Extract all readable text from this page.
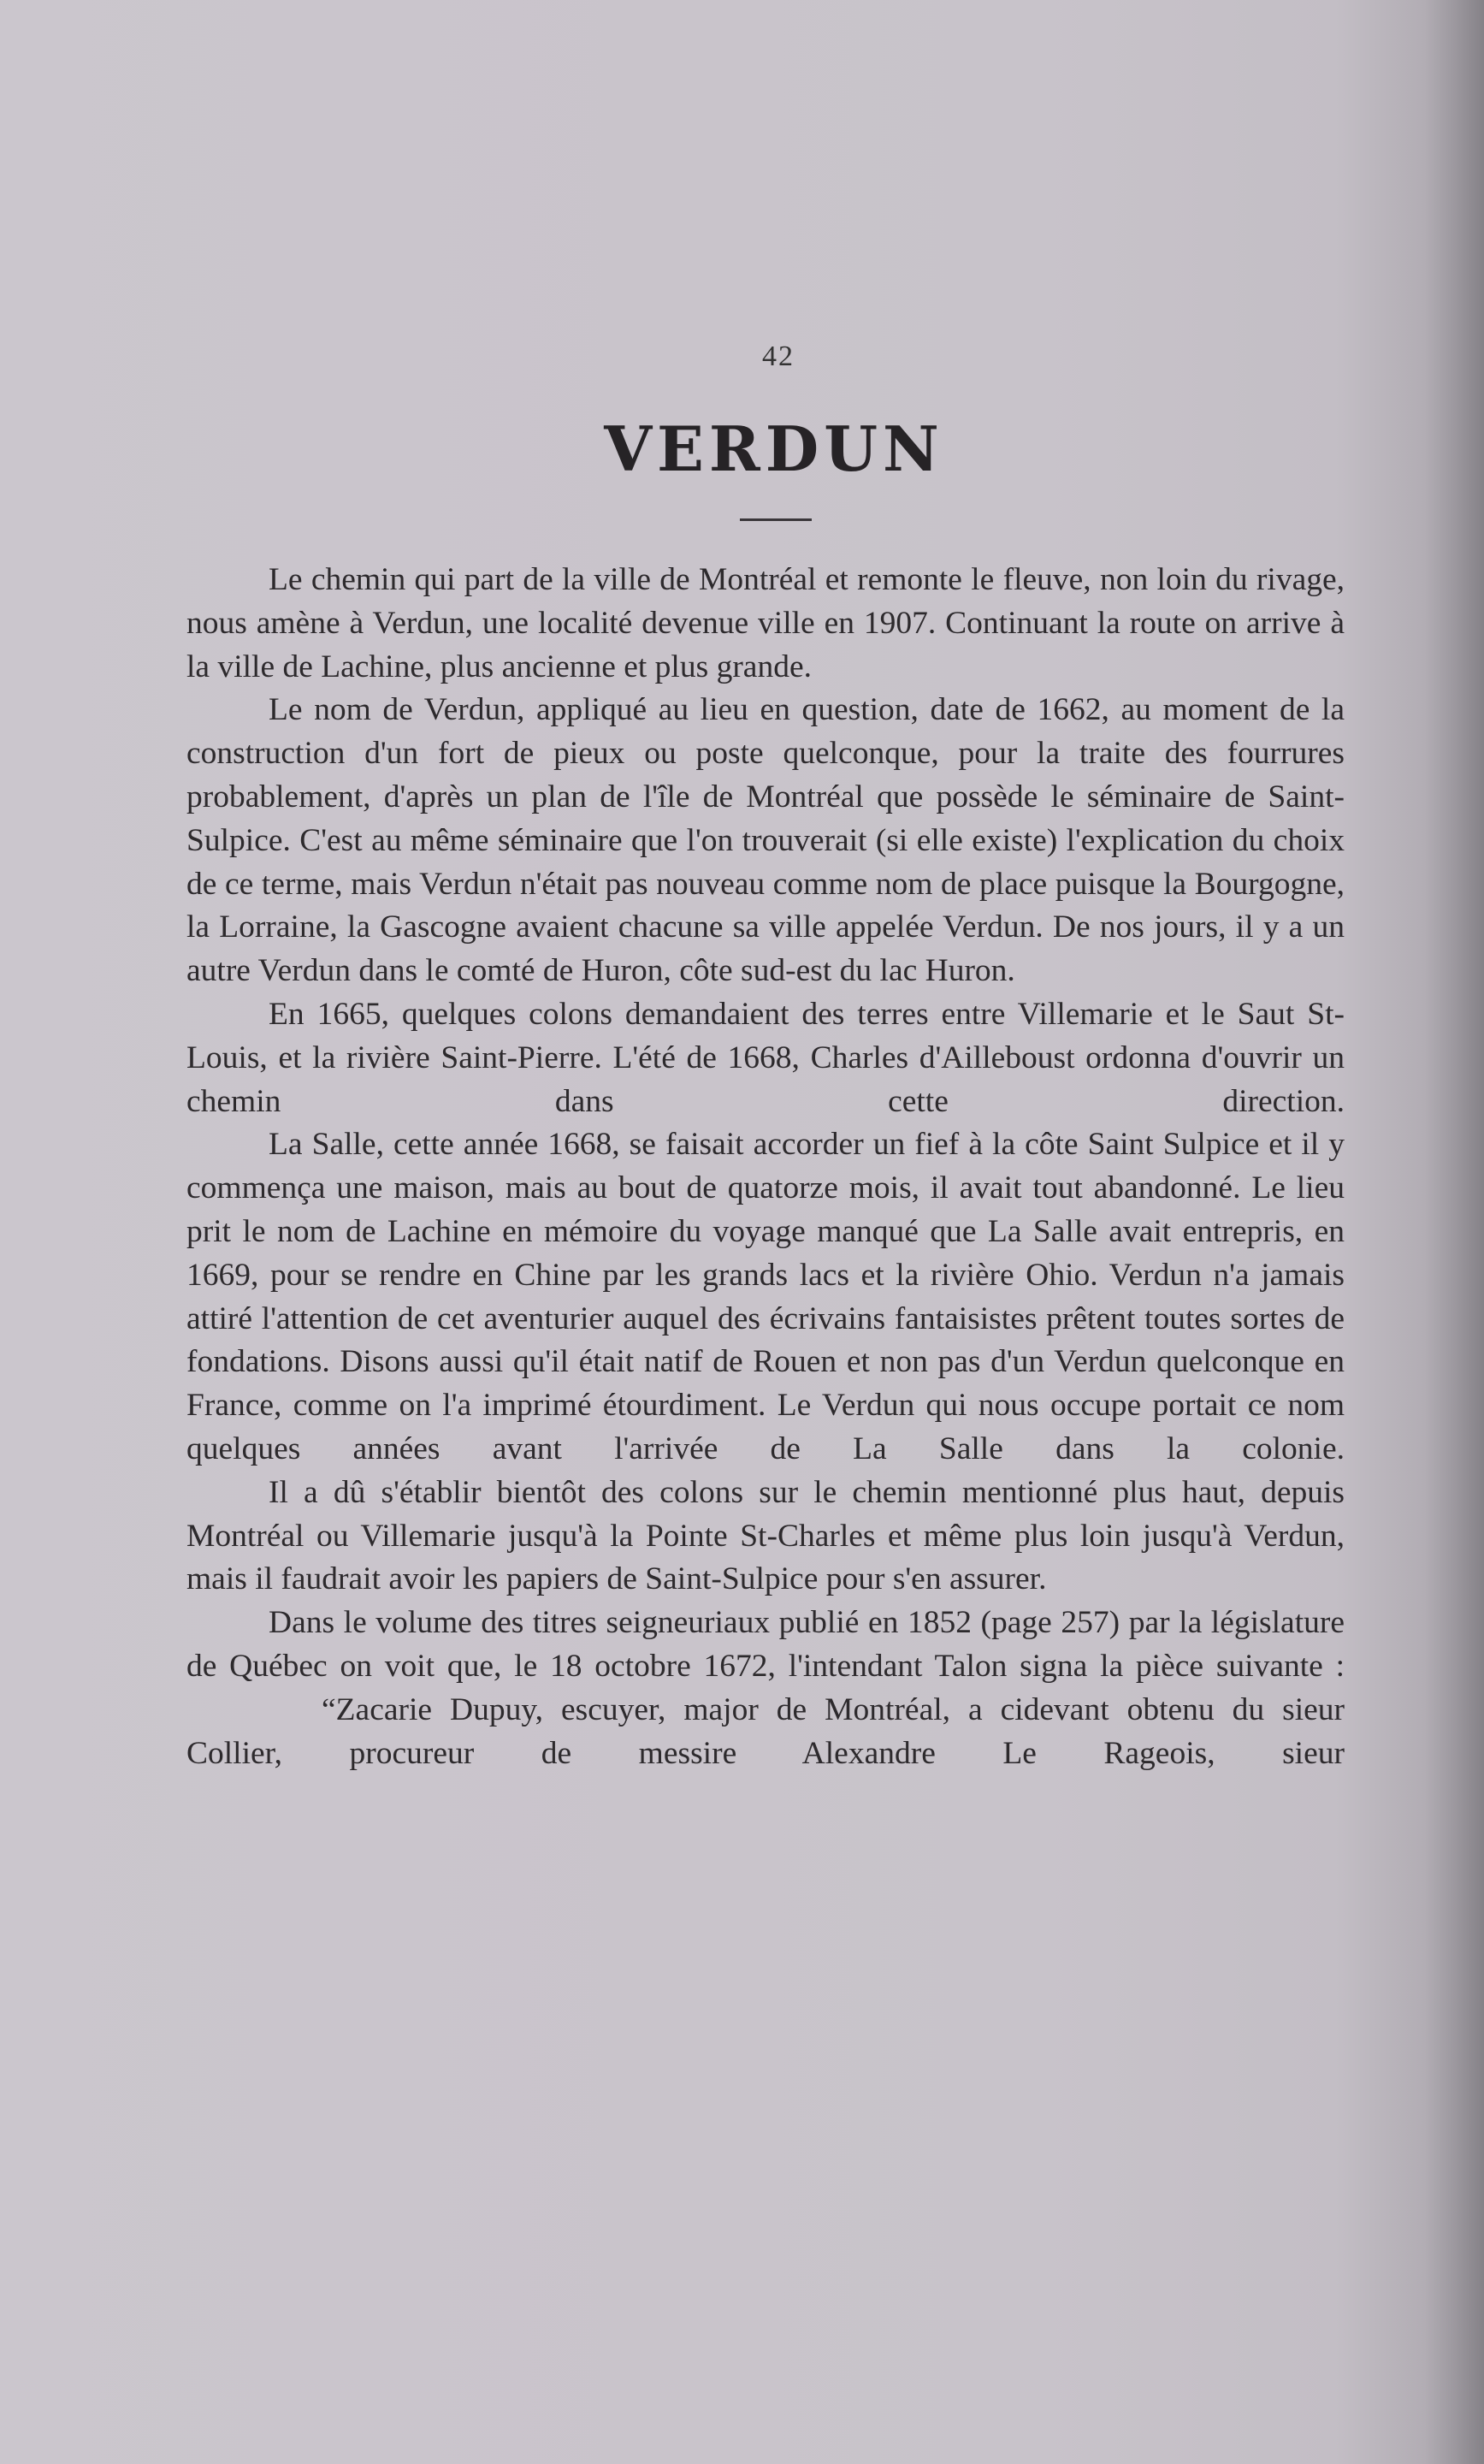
42
VERDUN

Le chemin qui part de la ville de Montréal et remonte le fleuve, non loin du rivage, nous amène à Verdun, une localité devenue ville en 1907. Continuant la route on arrive à la ville de Lachine, plus ancienne et plus grande.

Le nom de Verdun, appliqué au lieu en question, date de 1662, au moment de la construction d'un fort de pieux ou poste quelconque, pour la traite des fourrures probablement, d'après un plan de l'île de Montréal que possède le séminaire de Saint-Sulpice. C'est au même séminaire que l'on trouverait (si elle existe) l'explication du choix de ce terme, mais Verdun n'était pas nouveau comme nom de place puisque la Bourgogne, la Lorraine, la Gascogne avaient chacune sa ville appelée Verdun. De nos jours, il y a un autre Verdun dans le comté de Huron, côte sud-est du lac Huron.

En 1665, quelques colons demandaient des terres entre Villemarie et le Saut St-Louis, et la rivière Saint-Pierre. L'été de 1668, Charles d'Ailleboust ordonna d'ouvrir un chemin dans cette direction.

La Salle, cette année 1668, se faisait accorder un fief à la côte Saint Sulpice et il y commença une maison, mais au bout de quatorze mois, il avait tout abandonné. Le lieu prit le nom de Lachine en mémoire du voyage manqué que La Salle avait entrepris, en 1669, pour se rendre en Chine par les grands lacs et la rivière Ohio. Verdun n'a jamais attiré l'attention de cet aventurier auquel des écrivains fantaisistes prêtent toutes sortes de fondations. Disons aussi qu'il était natif de Rouen et non pas d'un Verdun quelconque en France, comme on l'a imprimé étourdiment. Le Verdun qui nous occupe portait ce nom quelques années avant l'arrivée de La Salle dans la colonie.

Il a dû s'établir bientôt des colons sur le chemin mentionné plus haut, depuis Montréal ou Villemarie jusqu'à la Pointe St-Charles et même plus loin jusqu'à Verdun, mais il faudrait avoir les papiers de Saint-Sulpice pour s'en assurer.

Dans le volume des titres seigneuriaux publié en 1852 (page 257) par la législature de Québec on voit que, le 18 octobre 1672, l'intendant Talon signa la pièce suivante :

“Zacarie Dupuy, escuyer, major de Montréal, a cidevant obtenu du sieur Collier, procureur de messire Alexandre Le Rageois, sieur
